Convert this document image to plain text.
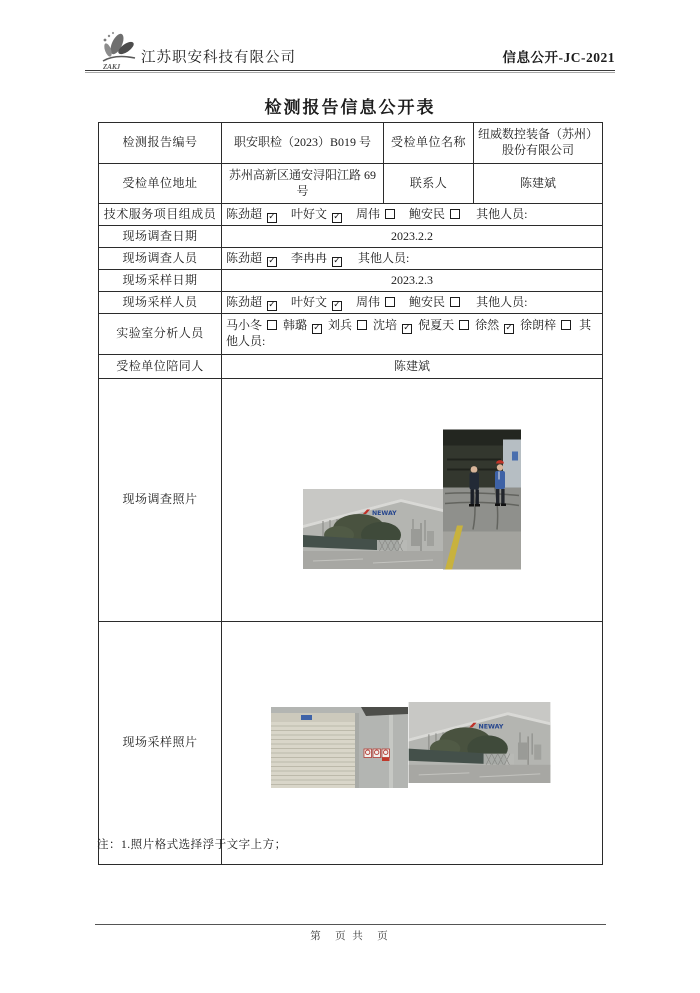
ZAKJ
江苏职安科技有限公司	信息公开-JC-2021
检测报告信息公开表
检测报告编号	职安职检（2023）B019 号	受检单位名称	纽威数控装备（苏州）股份有限公司
受检单位地址	苏州高新区通安浔阳江路 69号	联系人	陈建斌
技术服务项目组成员	陈劲超 ✓ 叶好文 ✓ 周伟 鲍安民 其他人员:		
现场调查日期	2023.2.2		
现场调查人员	陈劲超 ✓ 李冉冉 ✓ 其他人员:		
现场采样日期	2023.2.3		
现场采样人员	陈劲超 ✓ 叶好文 ✓ 周伟 鲍安民 其他人员:		
实验室分析人员	马小冬 韩璐 ✓ 刘兵 沈培 ✓ 倪夏天 徐然 ✓ 徐朗梓 其他人员:		
受检单位陪同人	陈建斌		
现场调查照片	

现场采样照片	
注：1.照片格式选择浮于文字上方；
第　页 共　页
